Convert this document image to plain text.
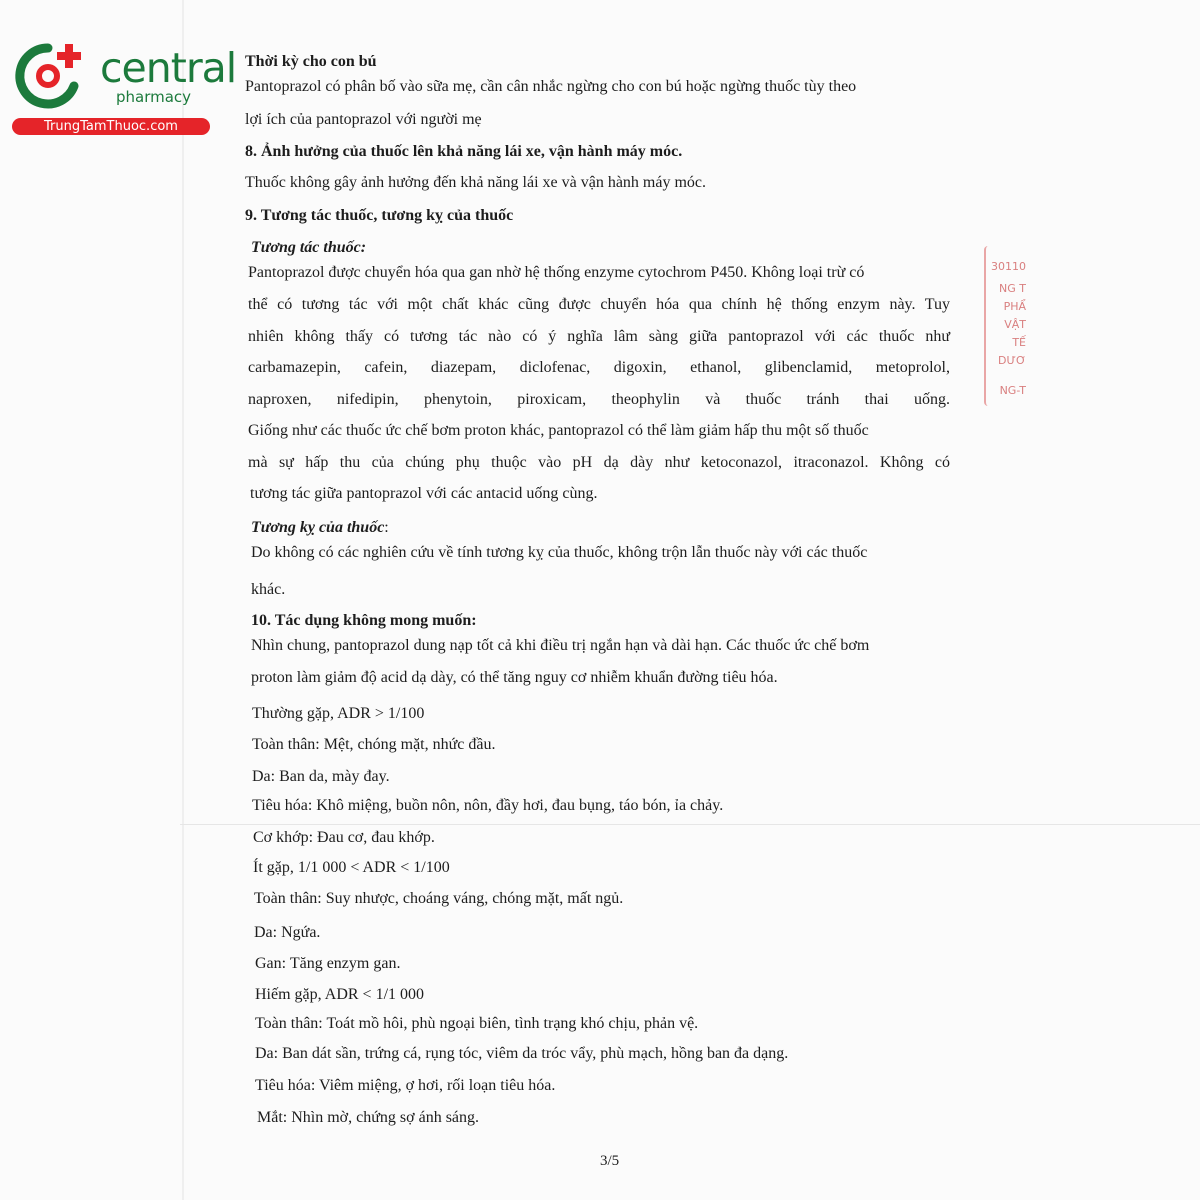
central
pharmacy
TrungTamThuoc.com
30110
NG T
PHẨ
VẬT
TẾ
DƯƠ
NG-T
Thời kỳ cho con bú
Pantoprazol có phân bố vào sữa mẹ, cần cân nhắc ngừng cho con bú hoặc ngừng thuốc tùy theo
lợi ích của pantoprazol với người mẹ
8. Ảnh hưởng của thuốc lên khả năng lái xe, vận hành máy móc.
Thuốc không gây ảnh hưởng đến khả năng lái xe và vận hành máy móc.
9. Tương tác thuốc, tương kỵ của thuốc
Tương tác thuốc:
Pantoprazol được chuyển hóa qua gan nhờ hệ thống enzyme cytochrom P450. Không loại trừ có
thể có tương tác với một chất khác cũng được chuyển hóa qua chính hệ thống enzym này. Tuy
nhiên không thấy có tương tác nào có ý nghĩa lâm sàng giữa pantoprazol với các thuốc như
carbamazepin, cafein, diazepam, diclofenac, digoxin, ethanol, glibenclamid, metoprolol,
naproxen, nifedipin, phenytoin, piroxicam, theophylin và thuốc tránh thai uống.
Giống như các thuốc ức chế bơm proton khác, pantoprazol có thể làm giảm hấp thu một số thuốc
mà sự hấp thu của chúng phụ thuộc vào pH dạ dày như ketoconazol, itraconazol. Không có
tương tác giữa pantoprazol với các antacid uống cùng.
Tương kỵ của thuốc:
Do không có các nghiên cứu về tính tương kỵ của thuốc, không trộn lẫn thuốc này với các thuốc
khác.
10. Tác dụng không mong muốn:
Nhìn chung, pantoprazol dung nạp tốt cả khi điều trị ngắn hạn và dài hạn. Các thuốc ức chế bơm
proton làm giảm độ acid dạ dày, có thể tăng nguy cơ nhiễm khuẩn đường tiêu hóa.
Thường gặp, ADR > 1/100
Toàn thân: Mệt, chóng mặt, nhức đầu.
Da: Ban da, mày đay.
Tiêu hóa: Khô miệng, buồn nôn, nôn, đầy hơi, đau bụng, táo bón, ỉa chảy.
Cơ khớp: Đau cơ, đau khớp.
Ít gặp, 1/1 000 < ADR < 1/100
Toàn thân: Suy nhược, choáng váng, chóng mặt, mất ngủ.
Da: Ngứa.
Gan: Tăng enzym gan.
Hiếm gặp, ADR < 1/1 000
Toàn thân: Toát mồ hôi, phù ngoại biên, tình trạng khó chịu, phản vệ.
Da: Ban dát sần, trứng cá, rụng tóc, viêm da tróc vẩy, phù mạch, hồng ban đa dạng.
Tiêu hóa: Viêm miệng, ợ hơi, rối loạn tiêu hóa.
Mắt: Nhìn mờ, chứng sợ ánh sáng.
3/5
